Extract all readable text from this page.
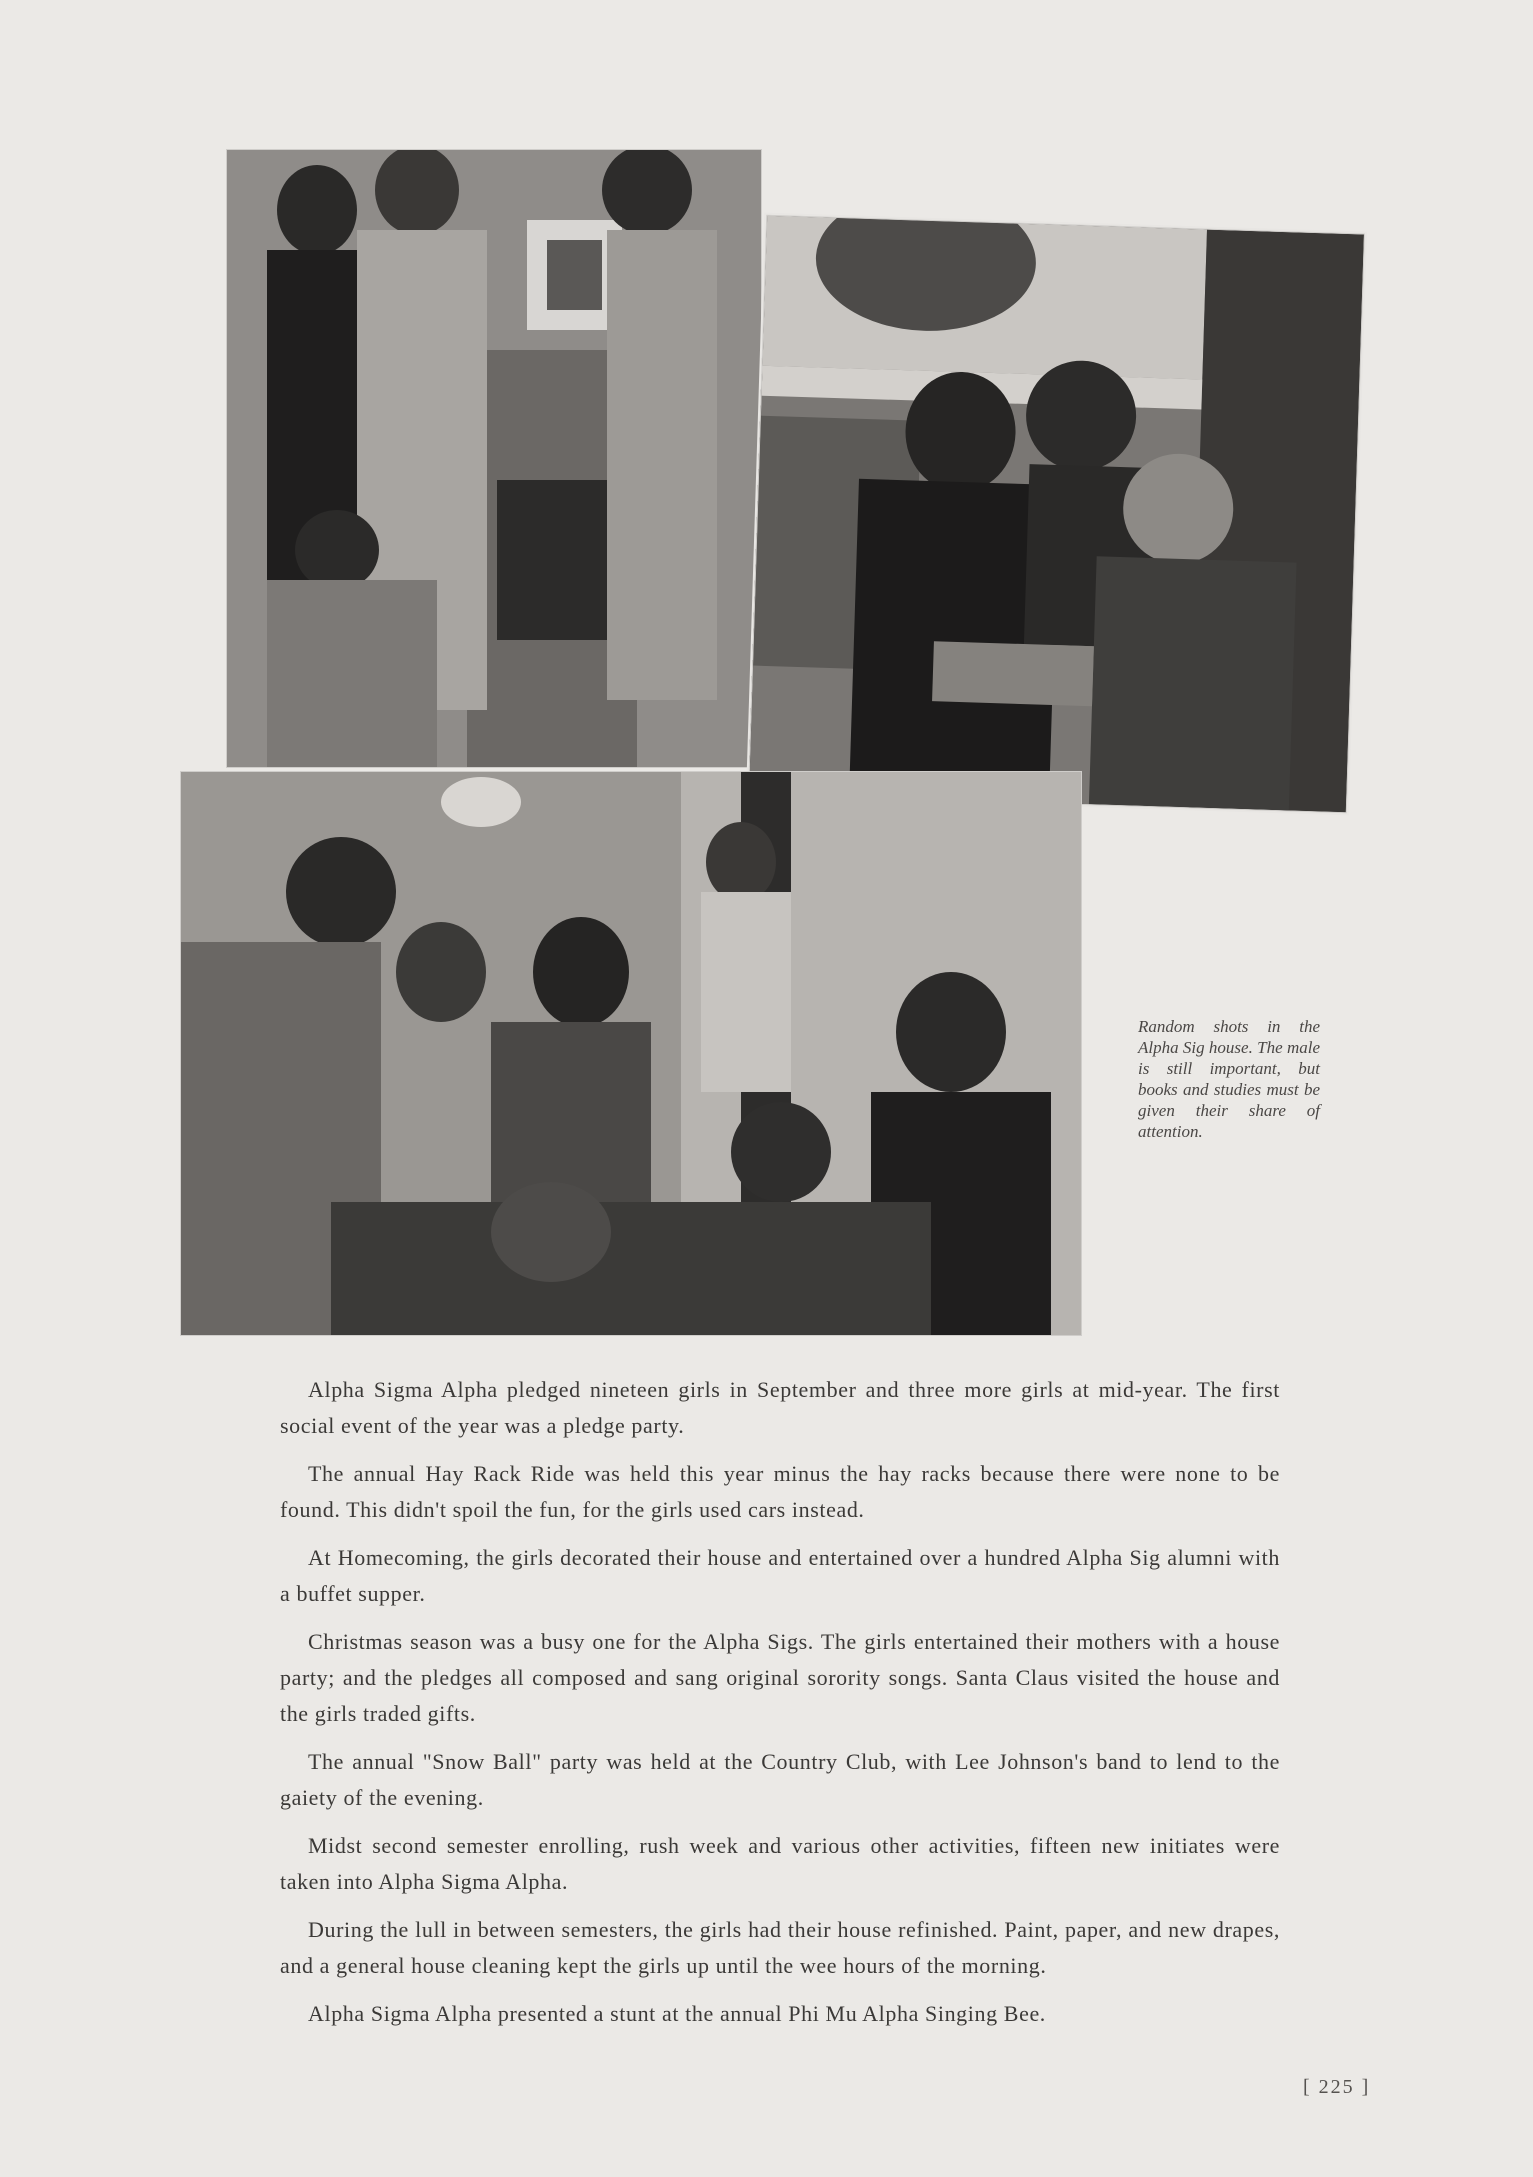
Random shots in the Alpha Sig house. The male is still important, but books and studies must be given their share of attention.

Alpha Sigma Alpha pledged nineteen girls in September and three more girls at mid-year. The first social event of the year was a pledge party.

The annual Hay Rack Ride was held this year minus the hay racks because there were none to be found. This didn't spoil the fun, for the girls used cars instead.

At Homecoming, the girls decorated their house and entertained over a hundred Alpha Sig alumni with a buffet supper.

Christmas season was a busy one for the Alpha Sigs. The girls entertained their mothers with a house party; and the pledges all composed and sang original sorority songs. Santa Claus visited the house and the girls traded gifts.

The annual "Snow Ball" party was held at the Country Club, with Lee Johnson's band to lend to the gaiety of the evening.

Midst second semester enrolling, rush week and various other activities, fifteen new initiates were taken into Alpha Sigma Alpha.

During the lull in between semesters, the girls had their house refinished. Paint, paper, and new drapes, and a general house cleaning kept the girls up until the wee hours of the morning.

Alpha Sigma Alpha presented a stunt at the annual Phi Mu Alpha Singing Bee.

[ 225 ]
